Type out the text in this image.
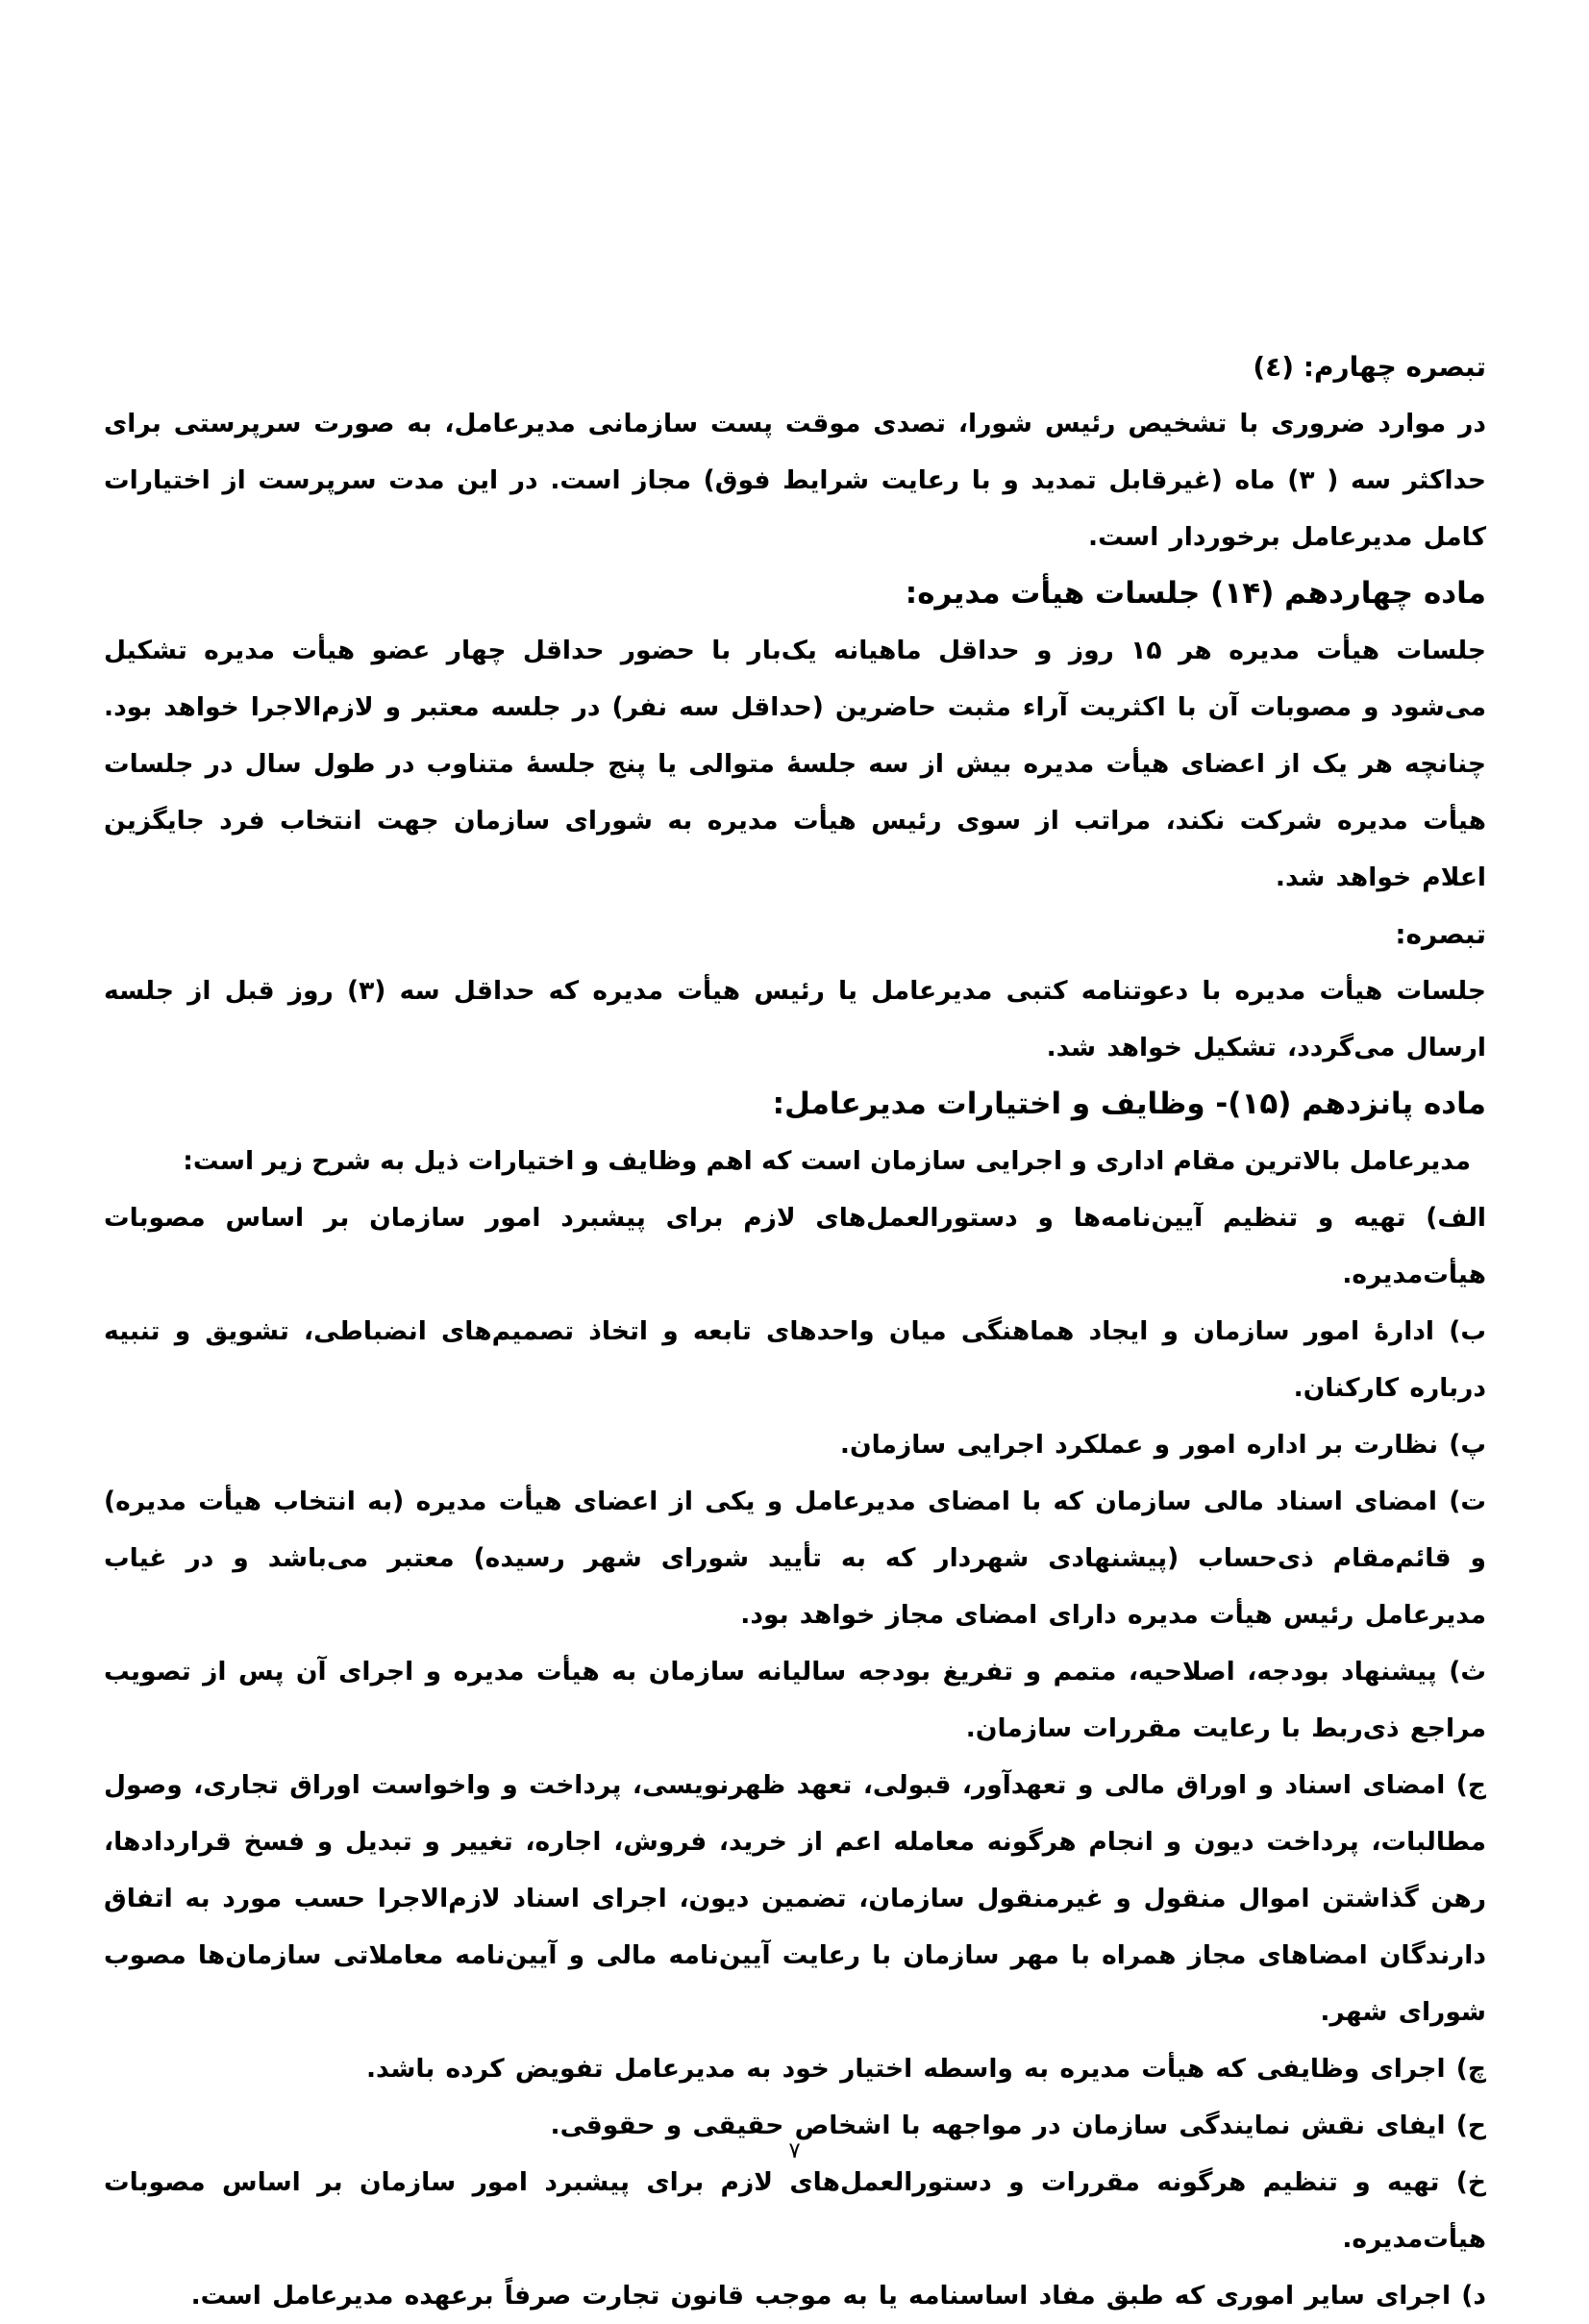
تبصره چهارم: (٤)

در موارد ضروری با تشخیص رئیس شورا، تصدی موقت پست سازمانی مدیرعامل، به صورت سرپرستی برای حداکثر سه ( ۳) ماه (غیرقابل تمدید و با رعایت شرایط فوق) مجاز است. در این مدت سرپرست از اختیارات کامل مدیرعامل برخوردار است.

ماده چهاردهم (۱۴) جلسات هیأت مدیره:

جلسات هیأت مدیره هر ۱۵ روز و حداقل ماهیانه یک‌بار با حضور حداقل چهار عضو هیأت مدیره تشکیل می‌شود و مصوبات آن با اکثریت آراء مثبت حاضرین (حداقل سه نفر) در جلسه معتبر و لازم‌الاجرا خواهد بود. چنانچه هر یک از اعضای هیأت مدیره بیش از سه جلسۀ متوالی یا پنج جلسۀ متناوب در طول سال در جلسات هیأت مدیره شرکت نکند، مراتب از سوی رئیس هیأت مدیره به شورای سازمان جهت انتخاب فرد جایگزین اعلام خواهد شد.

تبصره:

جلسات هیأت مدیره با دعوتنامه کتبی مدیرعامل یا رئیس هیأت مدیره که حداقل سه (۳) روز قبل از جلسه ارسال می‌گردد، تشکیل خواهد شد.

ماده پانزدهم (۱۵)- وظایف و اختیارات مدیرعامل:

مدیرعامل بالاترین مقام اداری و اجرایی سازمان است که اهم وظایف و اختیارات ذیل به شرح زیر است:

الف) تهیه و تنظیم آیین‌نامه‌ها و دستورالعمل‌های لازم برای پیشبرد امور سازمان بر اساس مصوبات هیأت‌مدیره.

ب) ادارۀ امور سازمان و ایجاد هماهنگی میان واحدهای تابعه و اتخاذ تصمیم‌های انضباطی، تشویق و تنبیه درباره کارکنان.

پ) نظارت بر اداره امور و عملکرد اجرایی سازمان.

ت) امضای اسناد مالی سازمان که با امضای مدیرعامل و یکی از اعضای هیأت مدیره (به انتخاب هیأت مدیره) و قائم‌مقام ذی‌حساب (پیشنهادی شهردار که به تأیید شورای شهر رسیده) معتبر می‌باشد و در غیاب مدیرعامل رئیس هیأت مدیره دارای امضای مجاز خواهد بود.

ث) پیشنهاد بودجه، اصلاحیه، متمم و تفریغ بودجه سالیانه سازمان به هیأت مدیره و اجرای آن پس از تصویب مراجع ذی‌ربط با رعایت مقررات سازمان.

ج) امضای اسناد و اوراق مالی و تعهدآور، قبولی، تعهد ظهرنویسی، پرداخت و واخواست اوراق تجاری، وصول مطالبات، پرداخت دیون و انجام هرگونه معامله اعم از خرید، فروش، اجاره، تغییر و تبدیل و فسخ قراردادها، رهن گذاشتن اموال منقول و غیرمنقول سازمان، تضمین دیون، اجرای اسناد لازم‌الاجرا حسب مورد به اتفاق دارندگان امضاهای مجاز همراه با مهر سازمان با رعایت آیین‌نامه مالی و آیین‌نامه معاملاتی سازمان‌ها مصوب شورای شهر.

چ) اجرای وظایفی که هیأت مدیره به واسطه اختیار خود به مدیرعامل تفویض کرده باشد.

ح) ایفای نقش نمایندگی سازمان در مواجهه با اشخاص حقیقی و حقوقی.

خ) تهیه و تنظیم هرگونه مقررات و دستورالعمل‌های لازم برای پیشبرد امور سازمان بر اساس مصوبات هیأت‌مدیره.

د) اجرای سایر اموری که طبق مفاد اساسنامه یا به موجب قانون تجارت صرفاً برعهده مدیرعامل است.

۷
